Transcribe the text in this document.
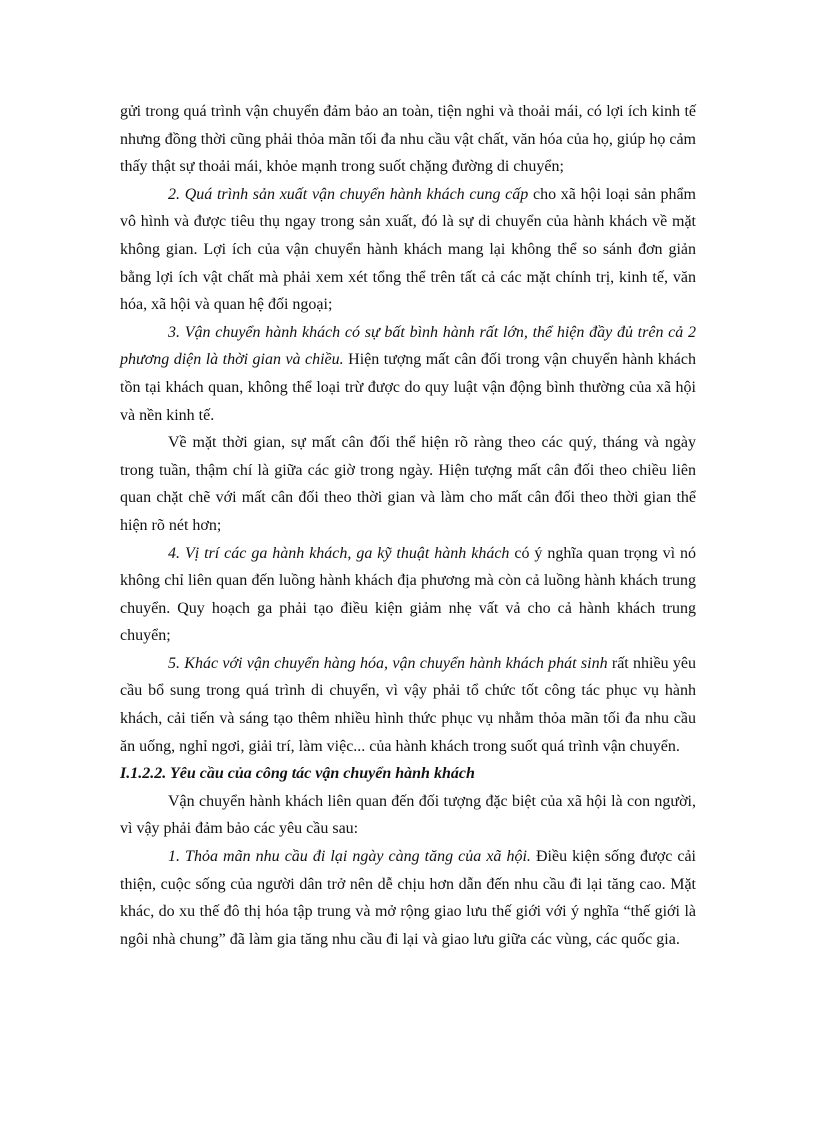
gửi trong quá trình vận chuyển đảm bảo an toàn, tiện nghi và thoải mái, có lợi ích kinh tế nhưng đồng thời cũng phải thỏa mãn tối đa nhu cầu vật chất, văn hóa của họ, giúp họ cảm thấy thật sự thoải mái, khỏe mạnh trong suốt chặng đường di chuyển;

2. Quá trình sản xuất vận chuyển hành khách cung cấp cho xã hội loại sản phẩm vô hình và được tiêu thụ ngay trong sản xuất, đó là sự di chuyển của hành khách về mặt không gian. Lợi ích của vận chuyển hành khách mang lại không thể so sánh đơn giản bằng lợi ích vật chất mà phải xem xét tổng thể trên tất cả các mặt chính trị, kinh tế, văn hóa, xã hội và quan hệ đối ngoại;

3. Vận chuyển hành khách có sự bất bình hành rất lớn, thể hiện đầy đủ trên cả 2 phương diện là thời gian và chiều. Hiện tượng mất cân đối trong vận chuyển hành khách tồn tại khách quan, không thể loại trừ được do quy luật vận động bình thường của xã hội và nền kinh tế.

Về mặt thời gian, sự mất cân đối thể hiện rõ ràng theo các quý, tháng và ngày trong tuần, thậm chí là giữa các giờ trong ngày. Hiện tượng mất cân đối theo chiều liên quan chặt chẽ với mất cân đối theo thời gian và làm cho mất cân đối theo thời gian thể hiện rõ nét hơn;

4. Vị trí các ga hành khách, ga kỹ thuật hành khách có ý nghĩa quan trọng vì nó không chỉ liên quan đến luồng hành khách địa phương mà còn cả luồng hành khách trung chuyển. Quy hoạch ga phải tạo điều kiện giảm nhẹ vất vả cho cả hành khách trung chuyển;

5. Khác với vận chuyển hàng hóa, vận chuyển hành khách phát sinh rất nhiều yêu cầu bổ sung trong quá trình di chuyển, vì vậy phải tổ chức tốt công tác phục vụ hành khách, cải tiến và sáng tạo thêm nhiều hình thức phục vụ nhằm thỏa mãn tối đa nhu cầu ăn uống, nghỉ ngơi, giải trí, làm việc... của hành khách trong suốt quá trình vận chuyển.

I.1.2.2. Yêu cầu của công tác vận chuyển hành khách

Vận chuyển hành khách liên quan đến đối tượng đặc biệt của xã hội là con người, vì vậy phải đảm bảo các yêu cầu sau:

1. Thỏa mãn nhu cầu đi lại ngày càng tăng của xã hội. Điều kiện sống được cải thiện, cuộc sống của người dân trở nên dễ chịu hơn dẫn đến nhu cầu đi lại tăng cao. Mặt khác, do xu thế đô thị hóa tập trung và mở rộng giao lưu thế giới với ý nghĩa “thế giới là ngôi nhà chung” đã làm gia tăng nhu cầu đi lại và giao lưu giữa các vùng, các quốc gia.
